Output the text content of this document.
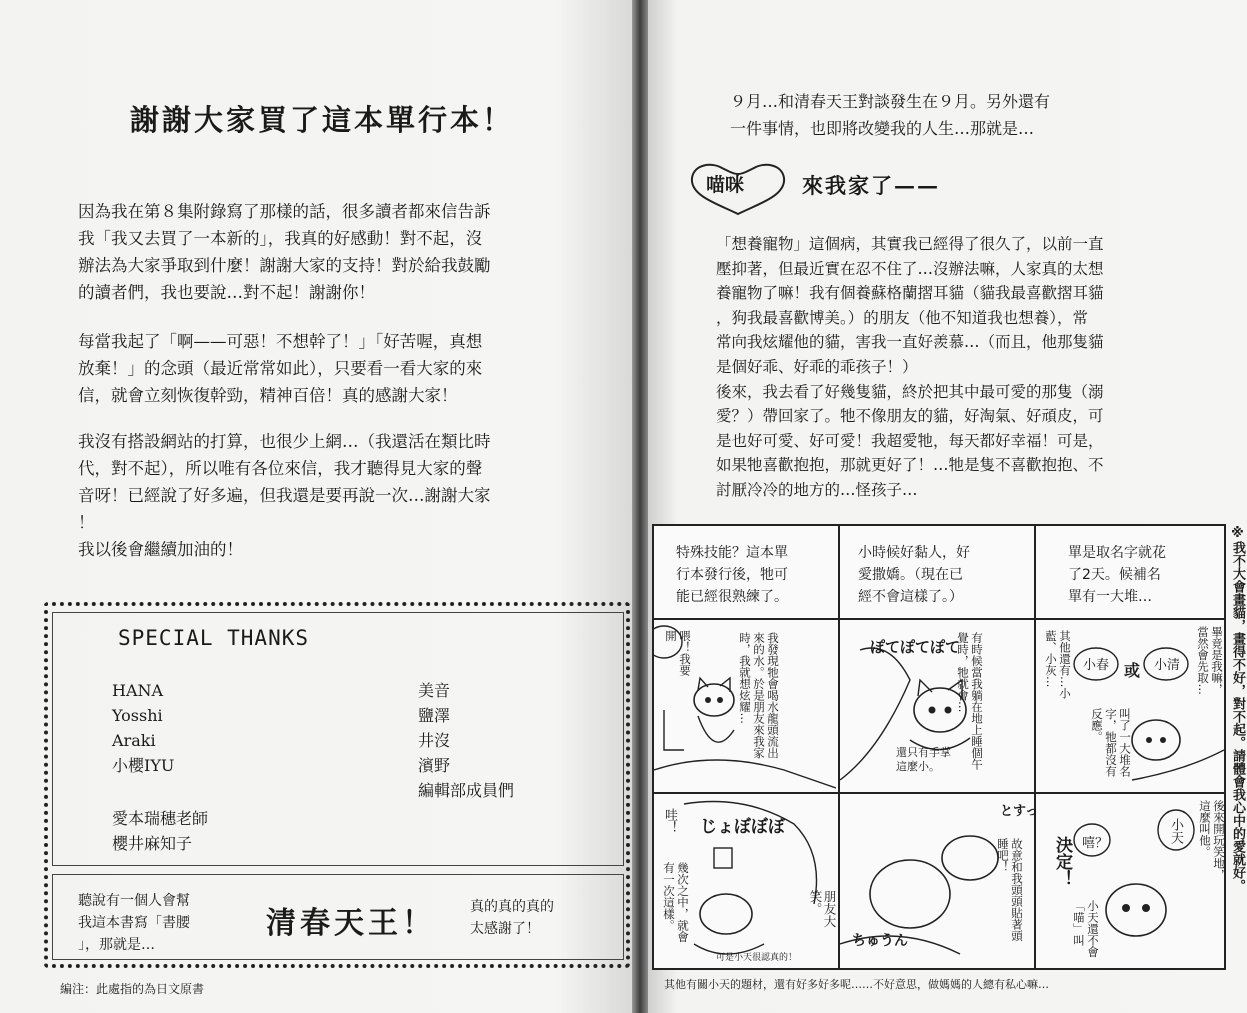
謝謝大家買了這本單行本！
因為我在第８集附錄寫了那樣的話，很多讀者都來信告訴
我「我又去買了一本新的」，我真的好感動！對不起，沒
辦法為大家爭取到什麼！謝謝大家的支持！對於給我鼓勵
的讀者們，我也要說…對不起！謝謝你！
每當我起了「啊——可惡！不想幹了！」「好苦喔，真想
放棄！」的念頭（最近常常如此），只要看一看大家的來
信，就會立刻恢復幹勁，精神百倍！真的感謝大家！
我沒有搭設網站的打算，也很少上網…（我還活在類比時
代，對不起），所以唯有各位來信，我才聽得見大家的聲
音呀！已經說了好多遍，但我還是要再說一次…謝謝大家
！
我以後會繼續加油的！
SPECIAL THANKS
HANA
Yosshi
Araki
小櫻IYU
美音
鹽澤
井沒
濱野
編輯部成員們
愛本瑞穗老師
櫻井麻知子
聽說有一個人會幫
我這本書寫「書腰
」，那就是…
清春天王！ 真的真的真的
太感謝了！
編注：此處指的為日文原書
９月…和清春天王對談發生在９月。另外還有
一件事情，也即將改變我的人生…那就是…
喵咪	來我家了——
「想養寵物」這個病，其實我已經得了很久了，以前一直
壓抑著，但最近實在忍不住了…沒辦法嘛，人家真的太想
養寵物了嘛！我有個養蘇格蘭摺耳貓（貓我最喜歡摺耳貓
，狗我最喜歡博美。）的朋友（他不知道我也想養），常
常向我炫耀他的貓，害我一直好羨慕…（而且，他那隻貓
是個好乖、好乖的乖孩子！）
後來，我去看了好幾隻貓，終於把其中最可愛的那隻（溺
愛？）帶回家了。牠不像朋友的貓，好淘氣、好頑皮，可
是也好可愛、好可愛！我超愛牠，每天都好幸福！可是，
如果牠喜歡抱抱，那就更好了！…牠是隻不喜歡抱抱、不
討厭冷冷的地方的…怪孩子…
特殊技能？這本單
行本發行後，牠可
能已經很熟練了。
小時候好黏人，好
愛撒嬌。（現在已
經不會這樣了。）
單是取名字就花
了2天。候補名
單有一大堆…
喂！我要開	我發現牠會喝水龍頭流出來的水。於是朋友來我家時，我就想炫耀…	ぽてぽてぽて 有時候當我躺在地上睡個午覺時，牠就會…
還只有手掌這麼小。
其他還有…小藍、小灰…	小春 或 小清	畢竟是我嘛，當然會先取…
叫了一大堆名字，牠都沒有反應。
じょぼぼぼ
哇！
幾次之中，就會有一次這樣。	朋友大笑。
可是小天很認真的！
とすっ
故意和我頭頭貼著頭睡吧！
ちゅうん
嘻？
決定！
小天	後來開玩笑地，這麼叫他。
小天還不會「喵」叫
其他有關小天的題材，還有好多好多呢……不好意思，做媽媽的人總有私心嘛…
※我不大會畫貓，畫得不好，對不起。請體會我心中的愛就好。
